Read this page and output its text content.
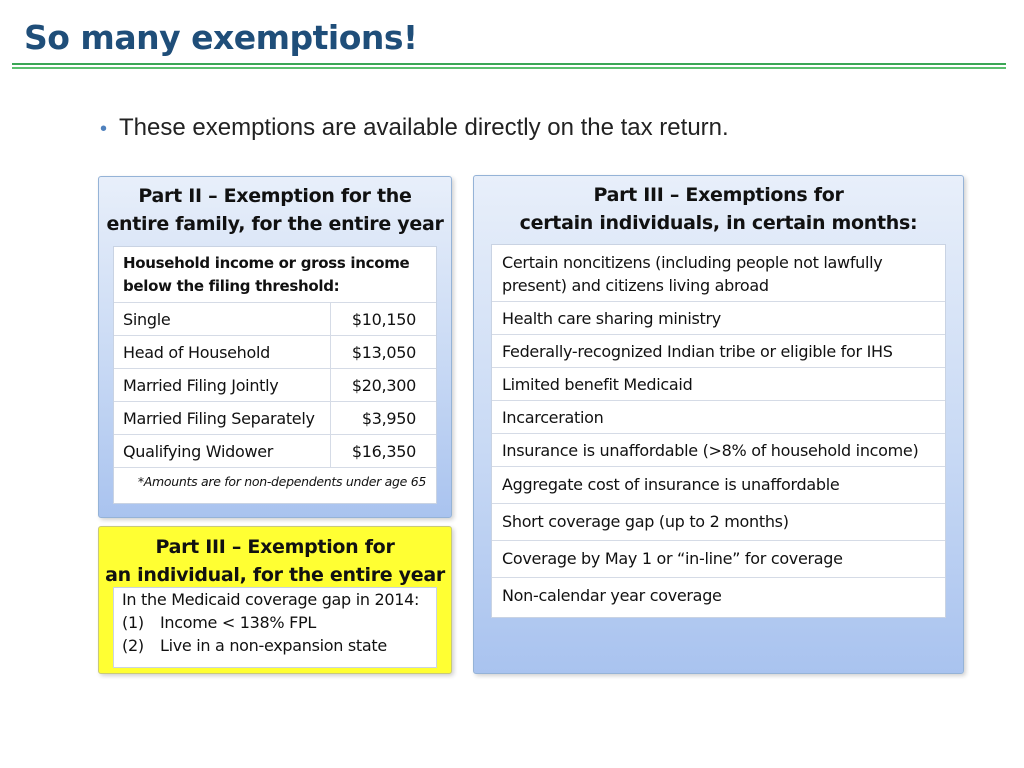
So many exemptions!
• These exemptions are available directly on the tax return.
Part II – Exemption for the
entire family, for the entire year
Household income or gross income
below the filing threshold:	

Single	$10,150
Head of Household	$13,050
Married Filing Jointly	$20,300
Married Filing Separately	$3,950
Qualifying Widower	$16,350
*Amounts are for non-dependents under age 65
Part III – Exemption for
an individual, for the entire year
In the Medicaid coverage gap in 2014:
(1) Income < 138% FPL
(2) Live in a non-expansion state
Part III – Exemptions for
certain individuals, in certain months:
Certain noncitizens (including people not lawfully
present) and citizens living abroad
Health care sharing ministry
Federally-recognized Indian tribe or eligible for IHS
Limited benefit Medicaid
Incarceration
Insurance is unaffordable (>8% of household income)
Aggregate cost of insurance is unaffordable
Short coverage gap (up to 2 months)
Coverage by May 1 or “in-line” for coverage
Non-calendar year coverage
